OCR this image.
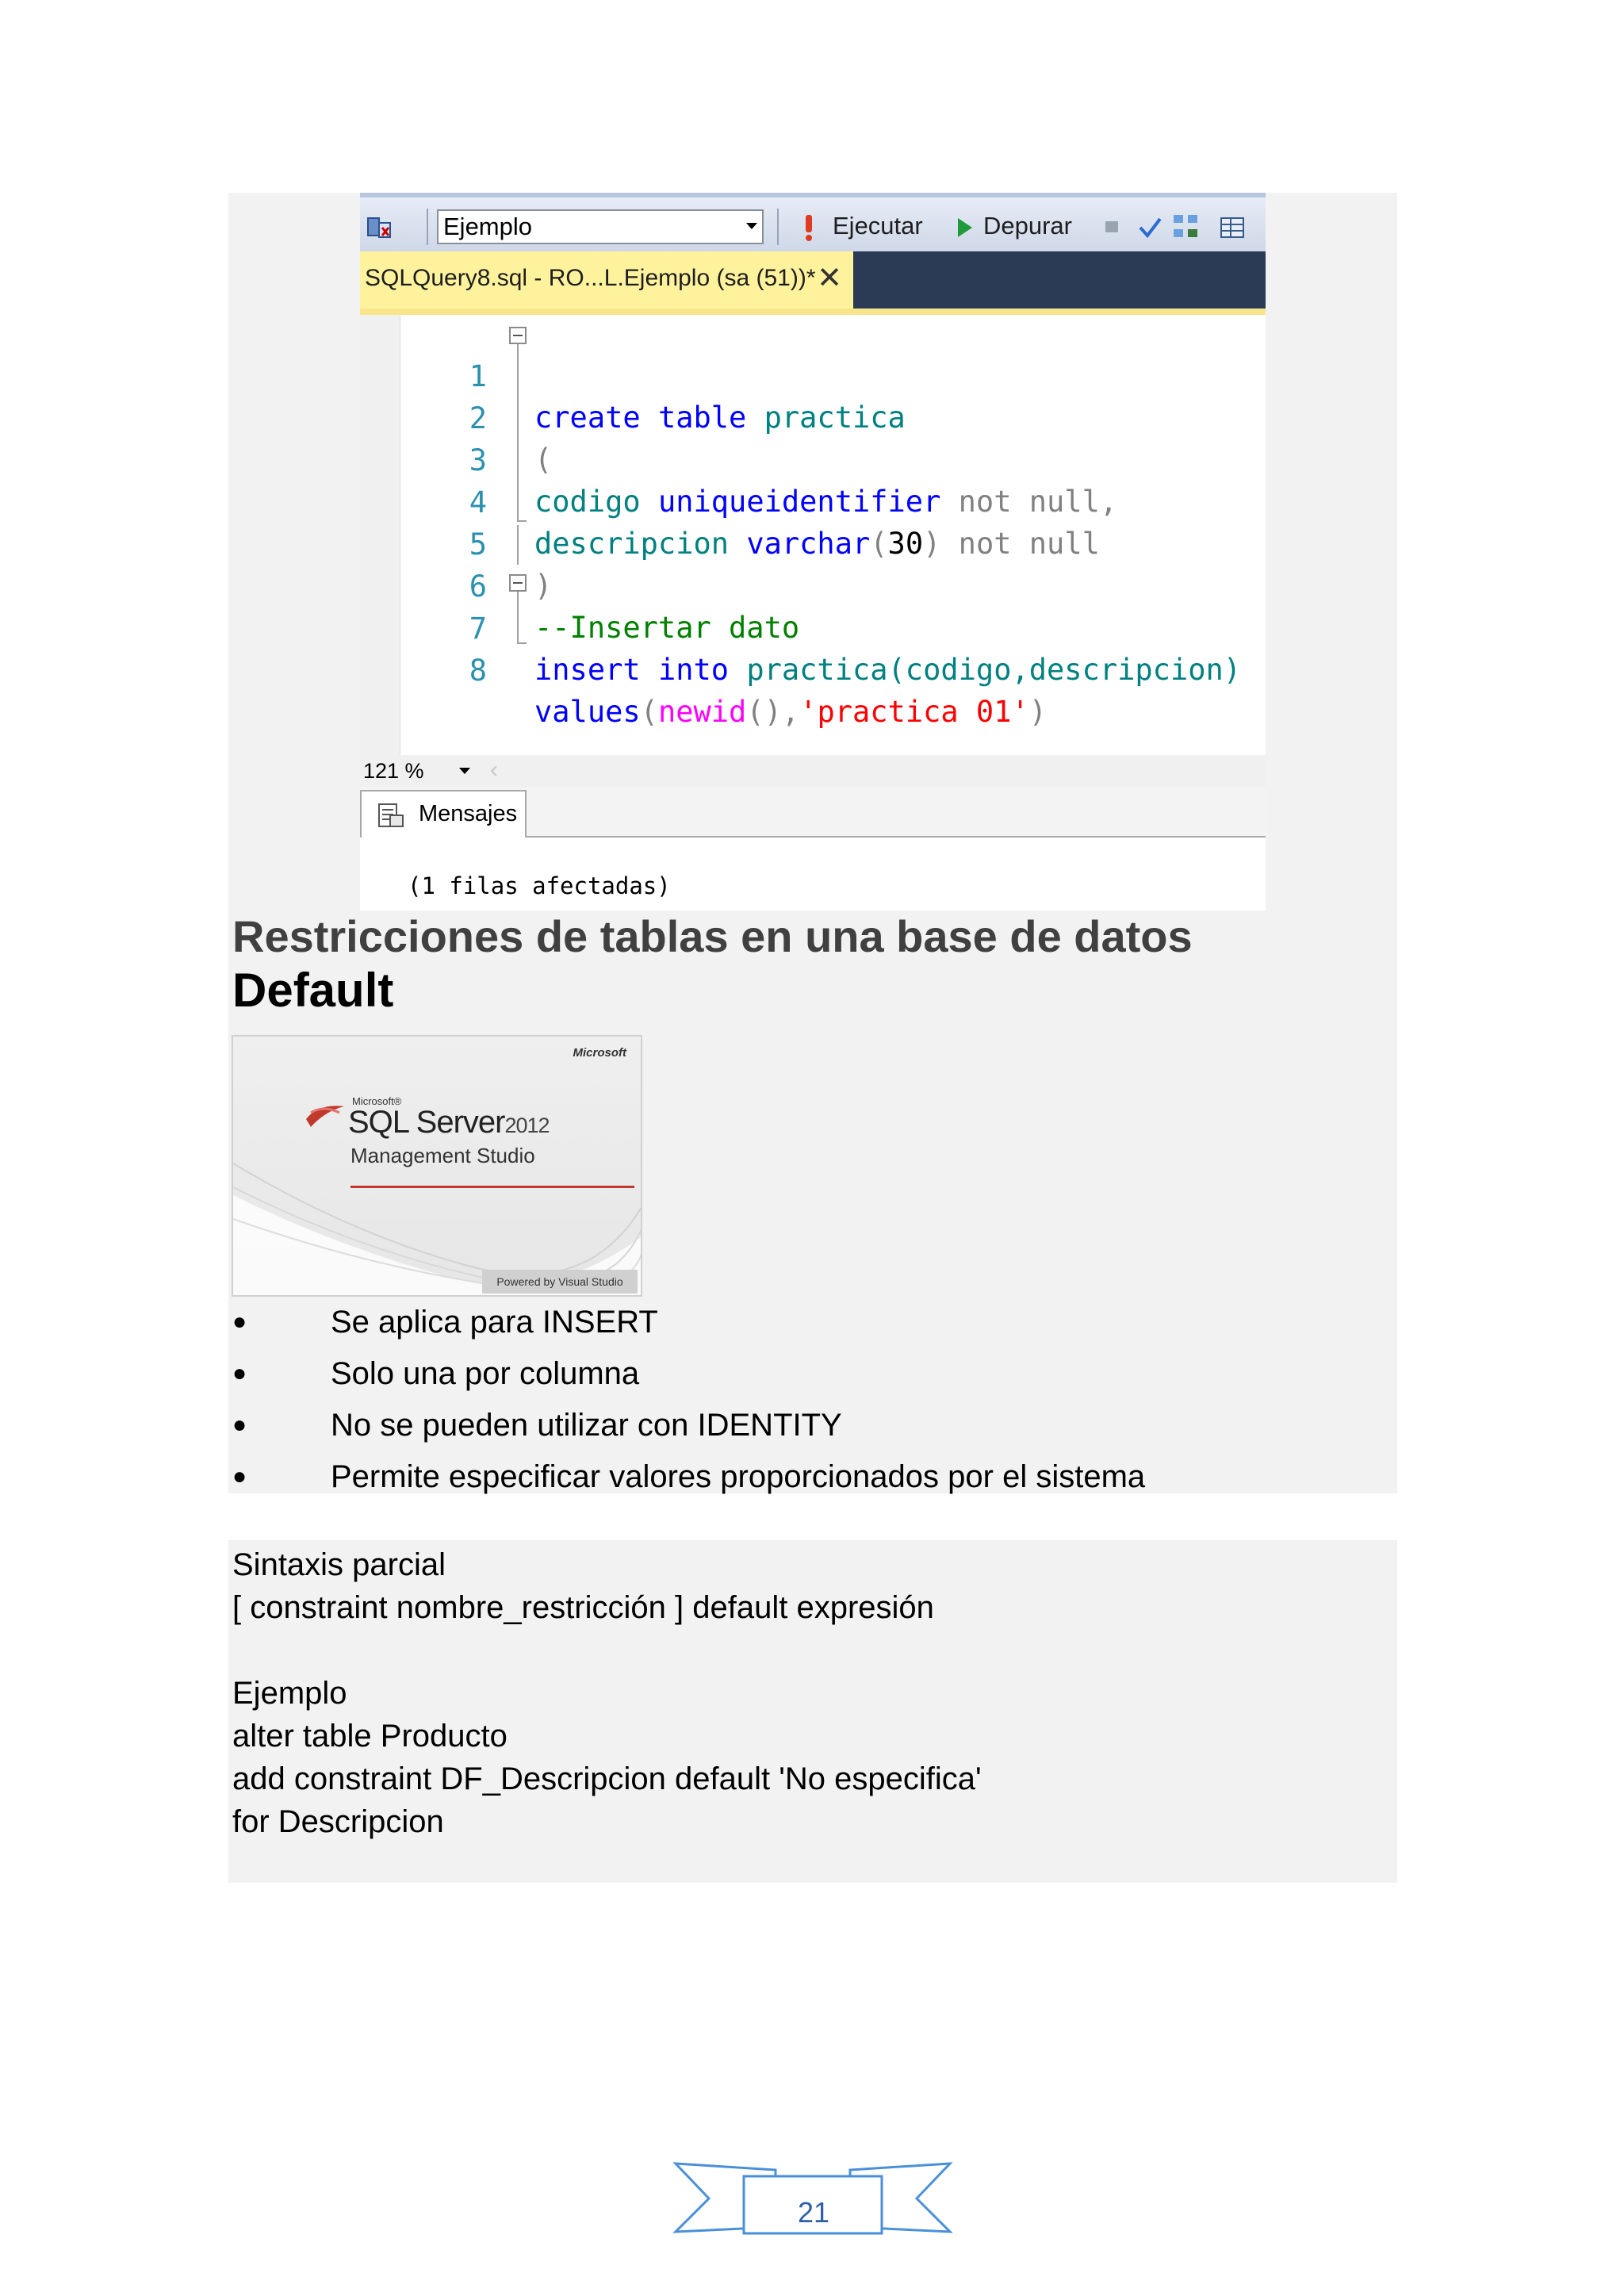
Ejemplo	Ejecutar Depurar
SQLQuery8.sql - RO...L.Ejemplo (sa (51))* ✕

1

create table practica

2

(

3

codigo uniqueidentifier not null,

4

descripcion varchar(30) not null

5

)

6

--Insertar dato

7

insert into practica(codigo,descripcion)

8

values(newid(),'practica 01')

121 %	‹
Mensajes
(1 filas afectadas)
Restricciones de tablas en una base de datos
Default
Microsoft
Microsoft®
SQL Server2012
Management Studio
Powered by Visual Studio
●	Se aplica para INSERT
●	Solo una por columna
●	No se pueden utilizar con IDENTITY
●	Permite especificar valores proporcionados por el sistema
Sintaxis parcial
[ constraint nombre_restricción ] default expresión
Ejemplo
alter table Producto
add constraint DF_Descripcion default 'No especifica'
for Descripcion
21
